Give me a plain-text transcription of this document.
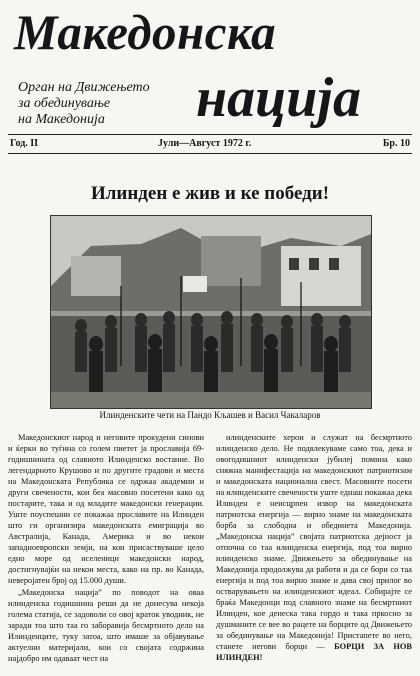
Македонска
Орган на Движењето
за обединување
на Македонија	нација
Год. II	Јули—Август 1972 г.	Бр. 10
Илинден е жив и ке победи!
Илинденските чети на Пандо Кљашев и Васил Чакаларов

Македонскиот народ и неговите прокудени синови и ќерки во туѓина со голем пиетет ја прославија 69-годишнината од славното Илинденско востание. Во легендарното Крушово и по другите градови и места на Македонската Република се одржаа академии и други свечености, кои беа масовно посетени како од постарите, така и од младите македонски генерации. Уште поуспешни се покажаа прославите на Илинден што ги организира македонската емиграција во Австралија, Канада, Америка и во некои западноевропски земји, на кои присаствуваше цело едно море од иселеници македонски народ, достигнувајќи на некои места, како на пр. во Канада, невероjатен број од 15.000 души.

„Македонска нација” по поводот на оваа илинденска годишнина реши да не донесува некоја голема статија, се задоволи со овој краток уводник, не заради тоа што таа го заборавија бесмртното дело на Илинденците, туку затоа, што имаше за објавување актуелни материјали, кои со својата содржина најдобро им одаваат чест на

илинденските херои и служат на бесмртното илинденско дело. Не подвлекуваме само тоа, дека и овогодишниот илинденски јубилеј помина како сняжна манифестација на македонскиот патриотизам и македонската национална свест. Масовните посети на илинденските свечености уште еднаш покажаа дека Илинден е неисцрпен извор на македонската патриотска енергија — вирно знаме на македонската борба за слободна и обединета Македонија. „Македонска нација” својата патриотска дејност ја отпочна со таа илинденска енергија, под тоа вирно илинденско знаме. Движењето за обединување на Македонија продолжува да работи и да се бори со таа енергија и под тоа вирно знаме и дава свој прилог во остварувањето на илинденскиот идеал. Собирајте се браќа Македонци под славното знаме на бесмртниот Илинден, кое денеска така гордо и така пркосно за душманите се вее во рацете на борците од Движењето за обединување на Македонија! Пристапете во него, станете негови борци — БОРЦИ ЗА НОВ ИЛИНДЕН!
